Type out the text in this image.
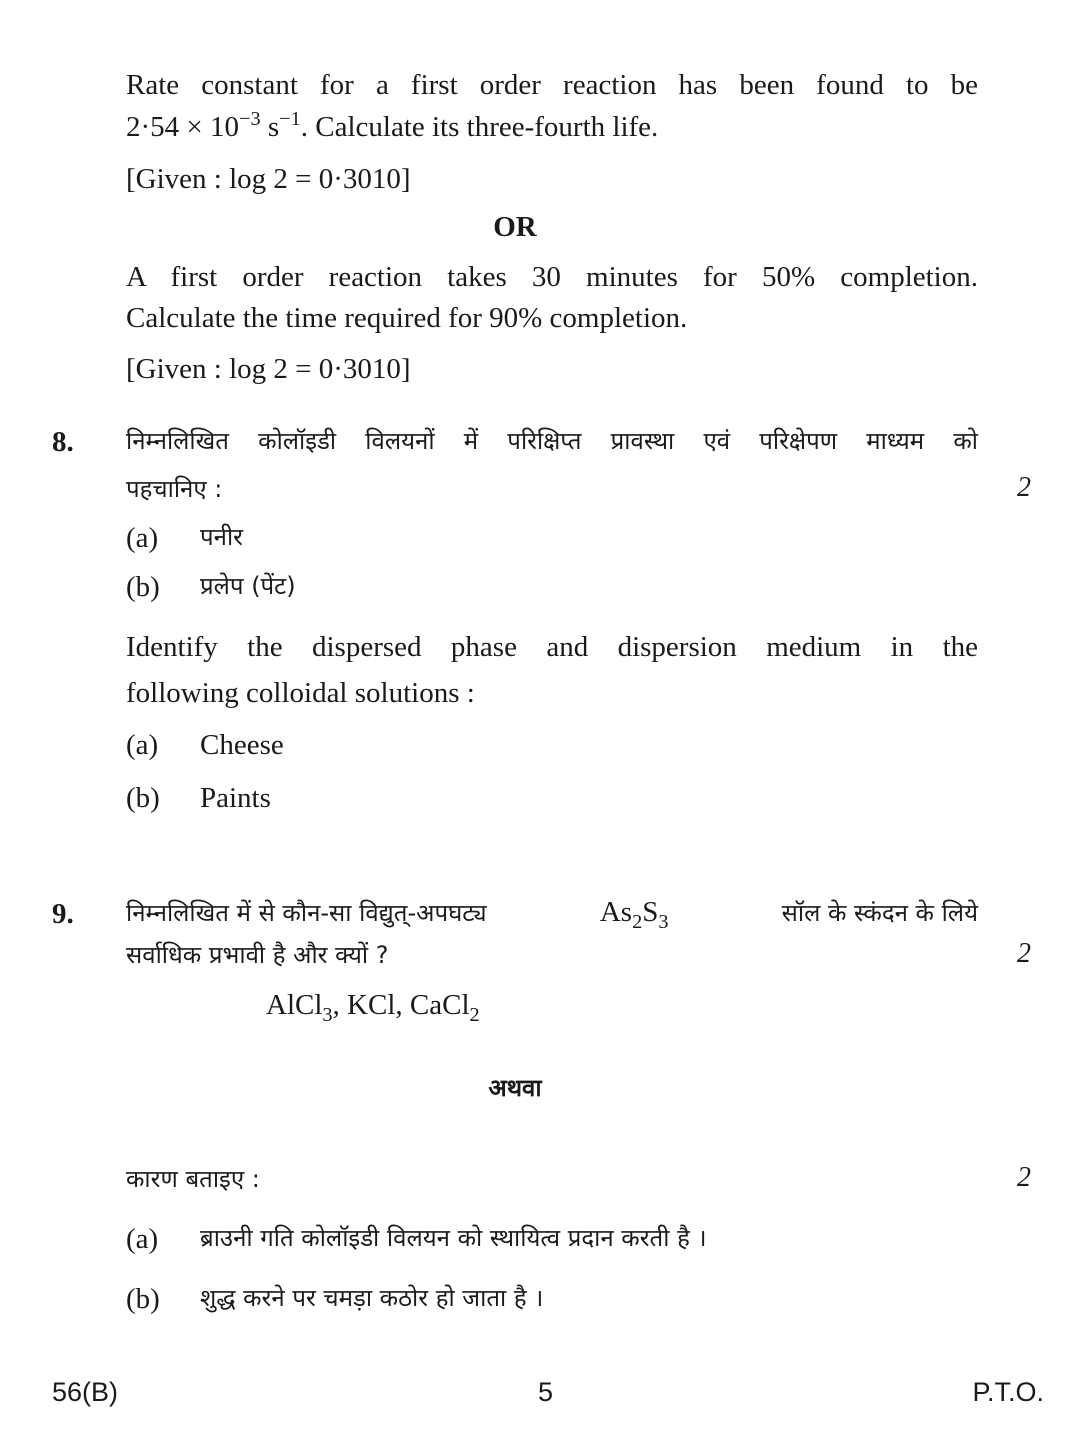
Rate constant for a first order reaction has been found to be
$2\cdot 54 \times 10^{-3}$ $s^{-1}$. Calculate its three-fourth life.
[Given : log 2 = 0·3010]
OR
A first order reaction takes 30 minutes for 50% completion.
Calculate the time required for 90% completion.
[Given : log 2 = 0·3010]
8. निम्नलिखित कोलॉइडी विलयनों में परिक्षिप्त प्रावस्था एवं परिक्षेपण माध्यम को
पहचानिए :	2
(a) पनीर
(b) प्रलेप (पेंट)
Identify the dispersed phase and dispersion medium in the
following colloidal solutions :
(a) Cheese
(b) Paints
9. निम्नलिखित में से कौन-सा विद्युत्-अपघट्य	$As_2S_3$	सॉल के स्कंदन के लिये
सर्वाधिक प्रभावी है और क्यों ?	2
AlCl$_3$, KCl, CaCl$_2$
अथवा
कारण बताइए :	2
(a) ब्राउनी गति कोलॉइडी विलयन को स्थायित्व प्रदान करती है ।
(b) शुद्ध करने पर चमड़ा कठोर हो जाता है ।
56(B)	5	P.T.O.
